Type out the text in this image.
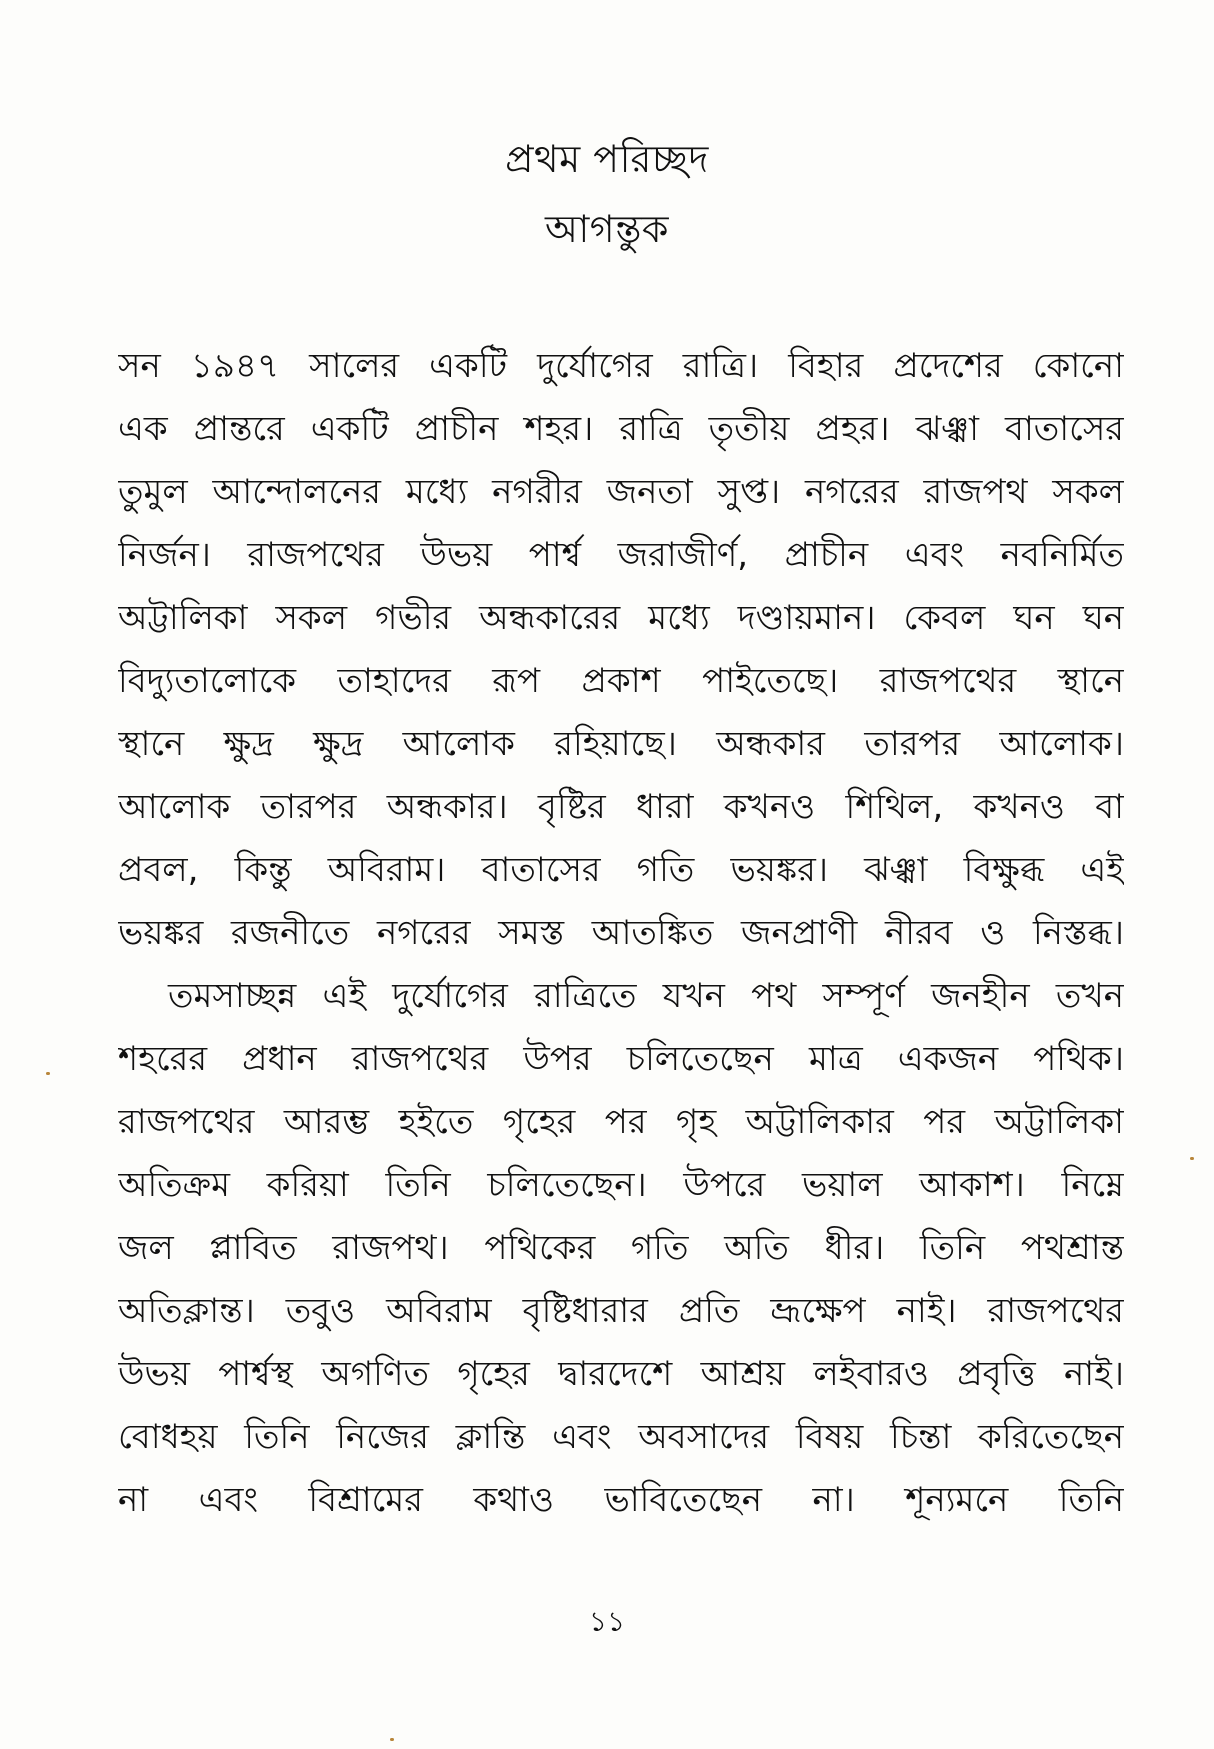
প্রথম পরিচ্ছদ
আগন্তুক
সন ১৯৪৭ সালের একটি দুর্যোগের রাত্রি। বিহার প্রদেশের কোনো
এক প্রান্তরে একটি প্রাচীন শহর। রাত্রি তৃতীয় প্রহর। ঝঞ্ঝা বাতাসের
তুমুল আন্দোলনের মধ্যে নগরীর জনতা সুপ্ত। নগরের রাজপথ সকল
নির্জন। রাজপথের উভয় পার্শ্ব জরাজীর্ণ, প্রাচীন এবং নবনির্মিত
অট্টালিকা সকল গভীর অন্ধকারের মধ্যে দণ্ডায়মান। কেবল ঘন ঘন
বিদ্যুতালোকে তাহাদের রূপ প্রকাশ পাইতেছে। রাজপথের স্থানে
স্থানে ক্ষুদ্র ক্ষুদ্র আলোক রহিয়াছে। অন্ধকার তারপর আলোক।
আলোক তারপর অন্ধকার। বৃষ্টির ধারা কখনও শিথিল, কখনও বা
প্রবল, কিন্তু অবিরাম। বাতাসের গতি ভয়ঙ্কর। ঝঞ্ঝা বিক্ষুব্ধ এই
ভয়ঙ্কর রজনীতে নগরের সমস্ত আতঙ্কিত জনপ্রাণী নীরব ও নিস্তব্ধ।
তমসাচ্ছন্ন এই দুর্যোগের রাত্রিতে যখন পথ সম্পূর্ণ জনহীন তখন
শহরের প্রধান রাজপথের উপর চলিতেছেন মাত্র একজন পথিক।
রাজপথের আরম্ভ হইতে গৃহের পর গৃহ অট্টালিকার পর অট্টালিকা
অতিক্রম করিয়া তিনি চলিতেছেন। উপরে ভয়াল আকাশ। নিম্নে
জল প্লাবিত রাজপথ। পথিকের গতি অতি ধীর। তিনি পথশ্রান্ত
অতিক্লান্ত। তবুও অবিরাম বৃষ্টিধারার প্রতি ভ্রূক্ষেপ নাই। রাজপথের
উভয় পার্শ্বস্থ অগণিত গৃহের দ্বারদেশে আশ্রয় লইবারও প্রবৃত্তি নাই।
বোধহয় তিনি নিজের ক্লান্তি এবং অবসাদের বিষয় চিন্তা করিতেছেন
না এবং বিশ্রামের কথাও ভাবিতেছেন না। শূন্যমনে তিনি
১১
